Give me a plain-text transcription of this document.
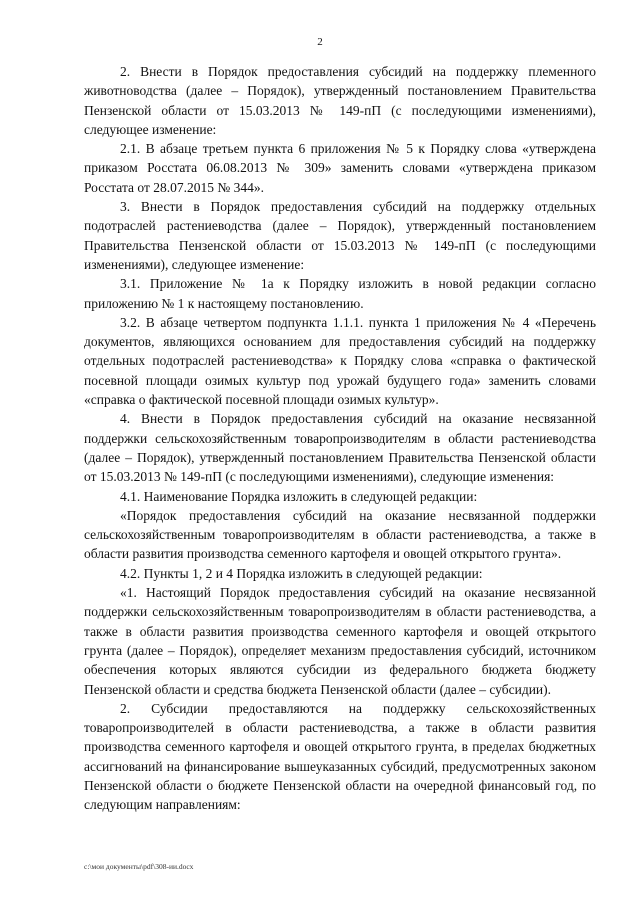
2

2. Внести в Порядок предоставления субсидий на поддержку племенного животноводства (далее – Порядок), утвержденный постановлением Правительства Пензенской области от 15.03.2013 № 149-пП (с последующими изменениями), следующее изменение:

2.1. В абзаце третьем пункта 6 приложения № 5 к Порядку слова «утверждена приказом Росстата 06.08.2013 № 309» заменить словами «утверждена приказом Росстата от 28.07.2015 № 344».

3. Внести в Порядок предоставления субсидий на поддержку отдельных подотраслей растениеводства (далее – Порядок), утвержденный постановлением Правительства Пензенской области от 15.03.2013 № 149-пП (с последующими изменениями), следующее изменение:

3.1. Приложение № 1а к Порядку изложить в новой редакции согласно приложению № 1 к настоящему постановлению.

3.2. В абзаце четвертом подпункта 1.1.1. пункта 1 приложения № 4 «Перечень документов, являющихся основанием для предоставления субсидий на поддержку отдельных подотраслей растениеводства» к Порядку слова «справка о фактической посевной площади озимых культур под урожай будущего года» заменить словами «справка о фактической посевной площади озимых культур».

4. Внести в Порядок предоставления субсидий на оказание несвязанной поддержки сельскохозяйственным товаропроизводителям в области растениеводства (далее – Порядок), утвержденный постановлением Правительства Пензенской области от 15.03.2013 № 149-пП (с последующими изменениями), следующие изменения:

4.1. Наименование Порядка изложить в следующей редакции:

«Порядок предоставления субсидий на оказание несвязанной поддержки сельскохозяйственным товаропроизводителям в области растениеводства, а также в области развития производства семенного картофеля и овощей открытого грунта».

4.2. Пункты 1, 2 и 4 Порядка изложить в следующей редакции:

«1. Настоящий Порядок предоставления субсидий на оказание несвязанной поддержки сельскохозяйственным товаропроизводителям в области растениеводства, а также в области развития производства семенного картофеля и овощей открытого грунта (далее – Порядок), определяет механизм предоставления субсидий, источником обеспечения которых являются субсидии из федерального бюджета бюджету Пензенской области и средства бюджета Пензенской области (далее – субсидии).

2. Субсидии предоставляются на поддержку сельскохозяйственных товаропроизводителей в области растениеводства, а также в области развития производства семенного картофеля и овощей открытого грунта, в пределах бюджетных ассигнований на финансирование вышеуказанных субсидий, предусмотренных законом Пензенской области о бюджете Пензенской области на очередной финансовый год, по следующим направлениям:

c:\мои документы\pdf\308-ии.docx
